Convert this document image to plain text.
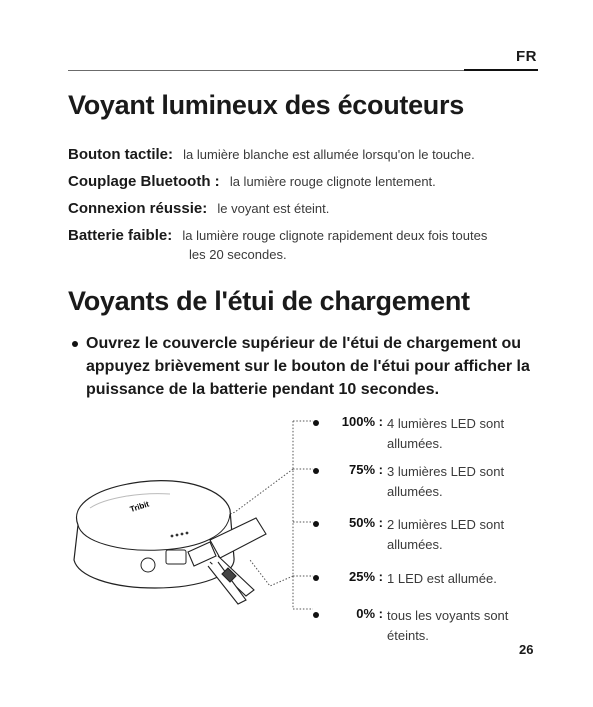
FR
Voyant lumineux des écouteurs
Bouton tactile: la lumière blanche est allumée lorsqu'on le touche.
Couplage Bluetooth : la lumière rouge clignote lentement.
Connexion réussie: le voyant est éteint.
Batterie faible: la lumière rouge clignote rapidement deux fois toutes
les 20 secondes.
Voyants de l'étui de chargement
Ouvrez le couvercle supérieur de l'étui de chargement ou appuyez brièvement sur le bouton de l'étui pour afficher la puissance de la batterie pendant 10 secondes.
100% : 4 lumières LED sont
allumées.
75% : 3 lumières LED sont
allumées.
50% : 2 lumières LED sont
allumées.
25% : 1 LED est allumée.
0% : tous les voyants sont
éteints.
Tribit
26
